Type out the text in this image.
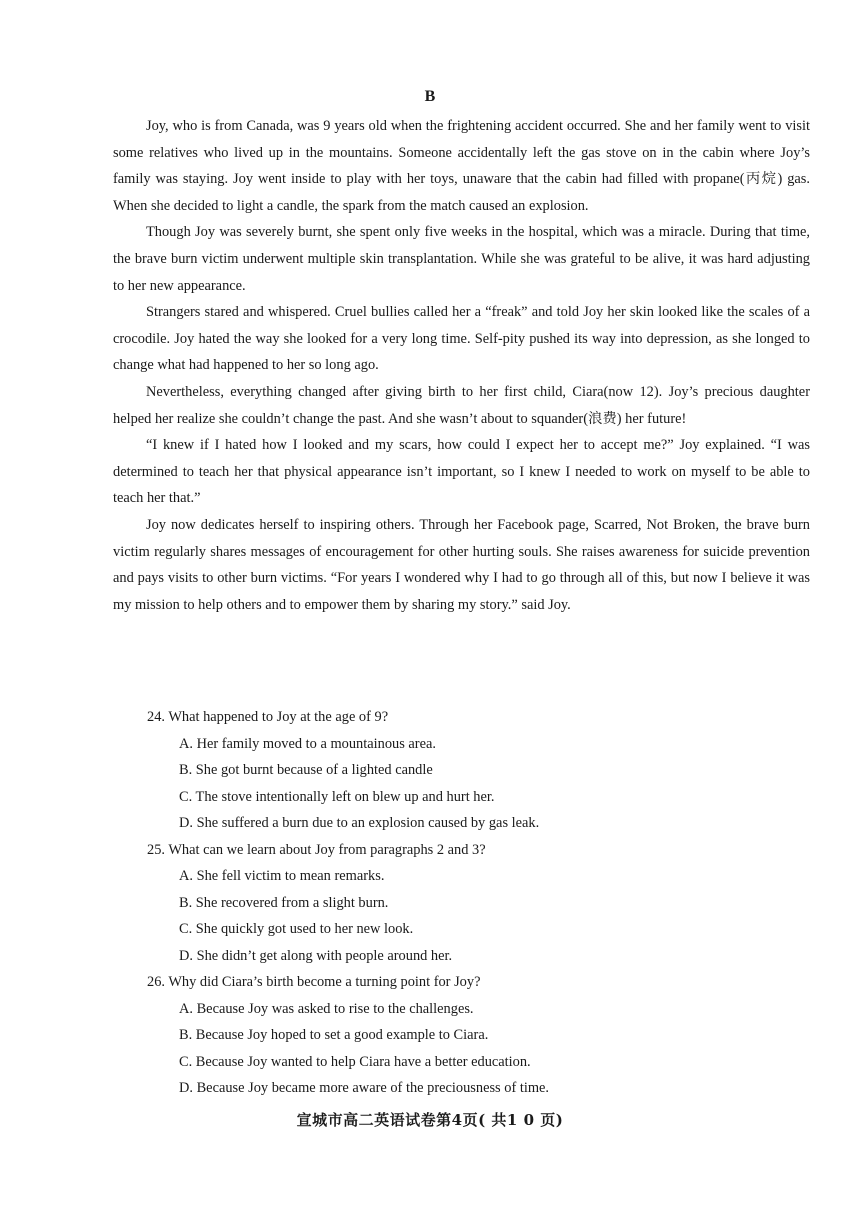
B

Joy, who is from Canada, was 9 years old when the frightening accident occurred. She and her family went to visit some relatives who lived up in the mountains. Someone accidentally left the gas stove on in the cabin where Joy’s family was staying. Joy went inside to play with her toys, unaware that the cabin had filled with propane(丙烷) gas. When she decided to light a candle, the spark from the match caused an explosion.

Though Joy was severely burnt, she spent only five weeks in the hospital, which was a miracle. During that time, the brave burn victim underwent multiple skin transplantation. While she was grateful to be alive, it was hard adjusting to her new appearance.

Strangers stared and whispered. Cruel bullies called her a “freak” and told Joy her skin looked like the scales of a crocodile. Joy hated the way she looked for a very long time. Self-pity pushed its way into depression, as she longed to change what had happened to her so long ago.

Nevertheless, everything changed after giving birth to her first child, Ciara(now 12). Joy’s precious daughter helped her realize she couldn’t change the past. And she wasn’t about to squander(浪费) her future!

“I knew if I hated how I looked and my scars, how could I expect her to accept me?” Joy explained. “I was determined to teach her that physical appearance isn’t important, so I knew I needed to work on myself to be able to teach her that.”

Joy now dedicates herself to inspiring others. Through her Facebook page, Scarred, Not Broken, the brave burn victim regularly shares messages of encouragement for other hurting souls. She raises awareness for suicide prevention and pays visits to other burn victims. “For years I wondered why I had to go through all of this, but now I believe it was my mission to help others and to empower them by sharing my story.” said Joy.

24. What happened to Joy at the age of 9?

A. Her family moved to a mountainous area.

B. She got burnt because of a lighted candle

C. The stove intentionally left on blew up and hurt her.

D. She suffered a burn due to an explosion caused by gas leak.

25. What can we learn about Joy from paragraphs 2 and 3?

A. She fell victim to mean remarks.

B. She recovered from a slight burn.

C. She quickly got used to her new look.

D. She didn’t get along with people around her.

26. Why did Ciara’s birth become a turning point for Joy?

A. Because Joy was asked to rise to the challenges.

B. Because Joy hoped to set a good example to Ciara.

C. Because Joy wanted to help Ciara have a better education.

D. Because Joy became more aware of the preciousness of time.

宣城市高二英语试卷第4页( 共1 0 页)
